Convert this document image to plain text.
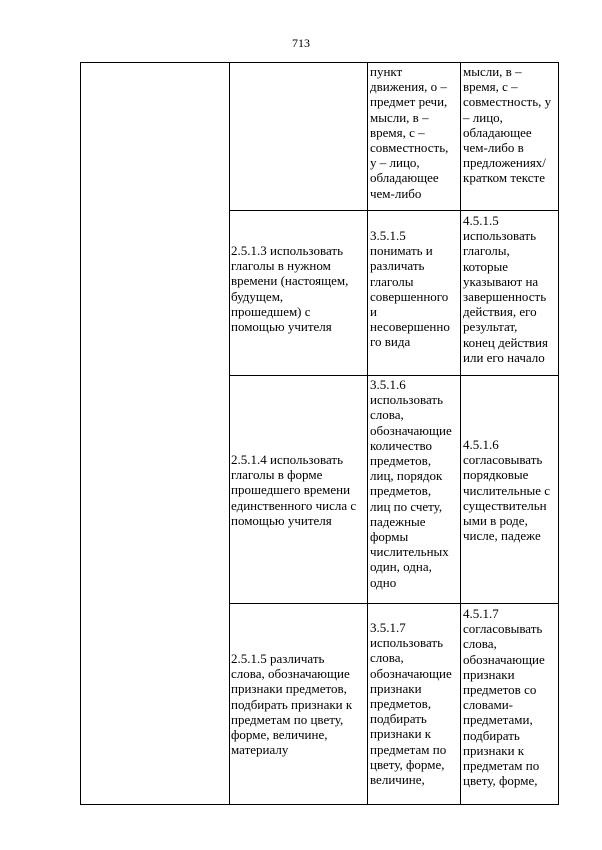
713
пункт
движения, о –
предмет речи,
мысли, в –
время, с –
совместность,
у – лицо,
обладающее
чем-либо
мысли, в –
время, с –
совместность, у
– лицо,
обладающее
чем-либо в
предложениях/
кратком тексте
2.5.1.3 использовать
глаголы в нужном
времени (настоящем,
будущем,
прошедшем) с
помощью учителя
3.5.1.5
понимать и
различать
глаголы
совершенного
и
несовершенно
го вида
4.5.1.5
использовать
глаголы,
которые
указывают на
завершенность
действия, его
результат,
конец действия
или его начало
2.5.1.4 использовать
глаголы в форме
прошедшего времени
единственного числа с
помощью учителя
3.5.1.6
использовать
слова,
обозначающие
количество
предметов,
лиц, порядок
предметов,
лиц по счету,
падежные
формы
числительных
один, одна,
одно
4.5.1.6
согласовывать
порядковые
числительные с
существительн
ыми в роде,
числе, падеже
2.5.1.5 различать
слова, обозначающие
признаки предметов,
подбирать признаки к
предметам по цвету,
форме, величине,
материалу
3.5.1.7
использовать
слова,
обозначающие
признаки
предметов,
подбирать
признаки к
предметам по
цвету, форме,
величине,
4.5.1.7
согласовывать
слова,
обозначающие
признаки
предметов со
словами-
предметами,
подбирать
признаки к
предметам по
цвету, форме,
